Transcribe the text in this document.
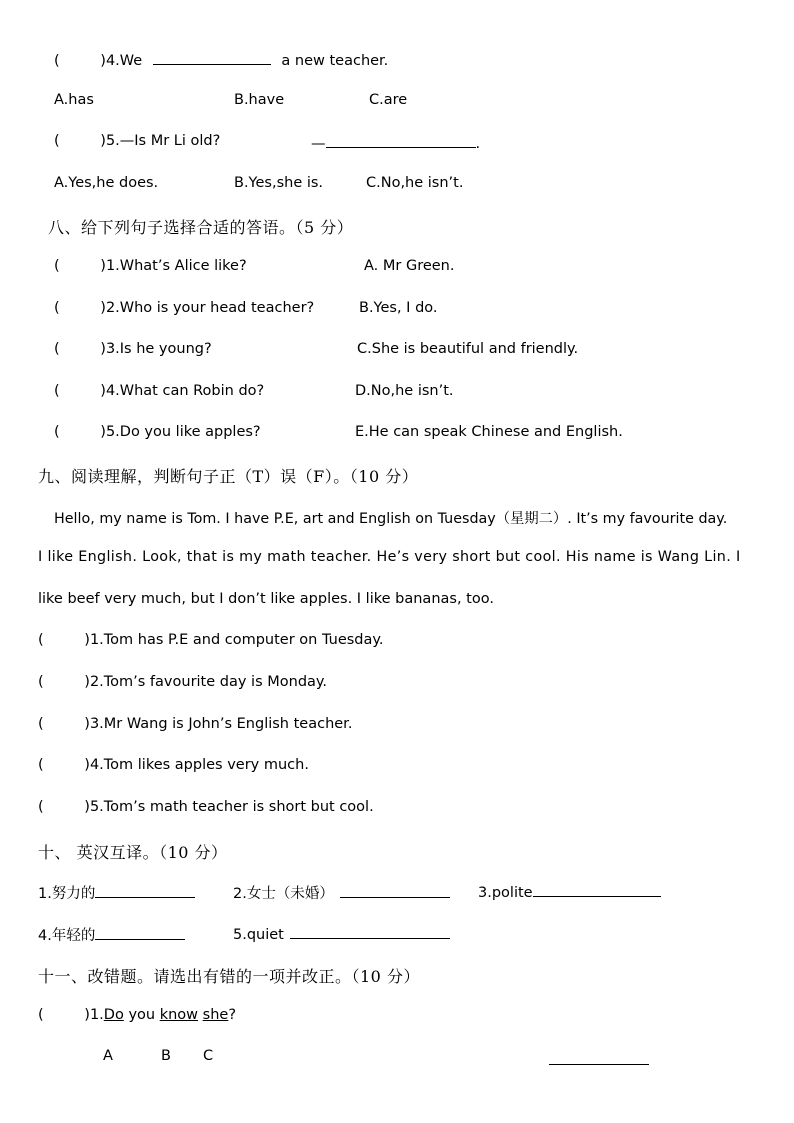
(	)4.We	a new teacher.
A.has	B.have	C.are
(	)5.—Is Mr Li old?	—	.
A.Yes,he does.	B.Yes,she is.	C.No,he isn’t.
八、给下列句子选择合适的答语。（5 分）
(	)1.What’s Alice like?	A. Mr Green.
(	)2.Who is your head teacher?	B.Yes, I do.
(	)3.Is he young?	C.She is beautiful and friendly.
(	)4.What can Robin do?	D.No,he isn’t.
(	)5.Do you like apples?	E.He can speak Chinese and English.
九、阅读理解，判断句子正（T）误（F）。（10 分）
Hello, my name is Tom. I have P.E, art and English on Tuesday（星期二）. It’s my favourite day.
I like English. Look, that is my math teacher. He’s very short but cool. His name is Wang Lin. I
like beef very much, but I don’t like apples. I like bananas, too.
(	)1.Tom has P.E and computer on Tuesday.
(	)2.Tom’s favourite day is Monday.
(	)3.Mr Wang is John’s English teacher.
(	)4.Tom likes apples very much.
(	)5.Tom’s math teacher is short but cool.
十、 英汉互译。（10 分）
1.努力的	2.女士（未婚）	3.polite
4.年轻的	5.quiet
十一、改错题。请选出有错的一项并改正。（10 分）
(	)1.Do you know she?
A	B C
